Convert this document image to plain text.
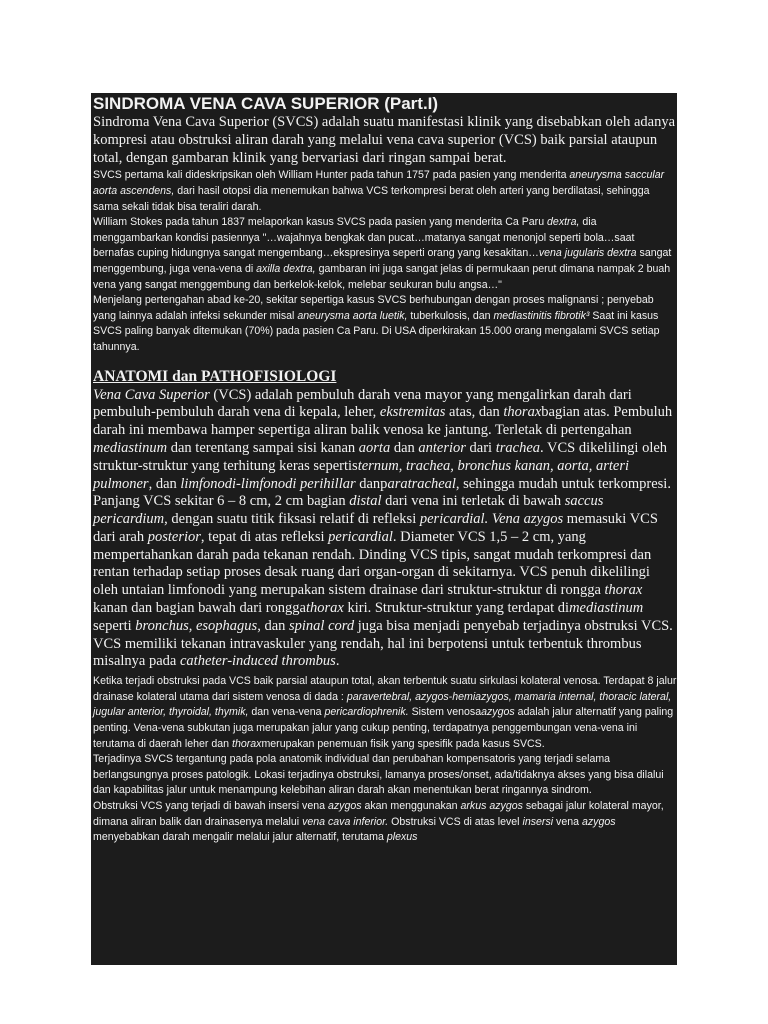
SINDROMA VENA CAVA SUPERIOR (Part.I)

Sindroma Vena Cava Superior (SVCS) adalah suatu manifestasi klinik yang disebabkan oleh adanya kompresi atau obstruksi aliran darah yang melalui vena cava superior (VCS) baik parsial ataupun total, dengan gambaran klinik yang bervariasi dari ringan sampai berat.

SVCS pertama kali dideskripsikan oleh William Hunter pada tahun 1757 pada pasien yang menderita aneurysma saccular aorta ascendens, dari hasil otopsi dia menemukan bahwa VCS terkompresi berat oleh arteri yang berdilatasi, sehingga sama sekali tidak bisa teraliri darah.

William Stokes pada tahun 1837 melaporkan kasus SVCS pada pasien yang menderita Ca Paru dextra, dia menggambarkan kondisi pasiennya "…wajahnya bengkak dan pucat…matanya sangat menonjol seperti bola…saat bernafas cuping hidungnya sangat mengembang…ekspresinya seperti orang yang kesakitan…vena jugularis dextra sangat menggembung, juga vena-vena di axilla dextra, gambaran ini juga sangat jelas di permukaan perut dimana nampak 2 buah vena yang sangat menggembung dan berkelok-kelok, melebar seukuran bulu angsa…"

Menjelang pertengahan abad ke-20, sekitar sepertiga kasus SVCS berhubungan dengan proses malignansi ; penyebab yang lainnya adalah infeksi sekunder misal aneurysma aorta luetik, tuberkulosis, dan mediastinitis fibrotik³ Saat ini kasus SVCS paling banyak ditemukan (70%) pada pasien Ca Paru. Di USA diperkirakan 15.000 orang mengalami SVCS setiap tahunnya.

ANATOMI dan PATHOFISIOLOGI

Vena Cava Superior (VCS) adalah pembuluh darah vena mayor yang mengalirkan darah dari pembuluh-pembuluh darah vena di kepala, leher, ekstremitas atas, dan thoraxbagian atas. Pembuluh darah ini membawa hamper sepertiga aliran balik venosa ke jantung. Terletak di pertengahan mediastinum dan terentang sampai sisi kanan aorta dan anterior dari trachea. VCS dikelilingi oleh struktur-struktur yang terhitung keras sepertisternum, trachea, bronchus kanan, aorta, arteri pulmoner, dan limfonodi-limfonodi perihillar danparatracheal, sehingga mudah untuk terkompresi. Panjang VCS sekitar 6 – 8 cm, 2 cm bagian distal dari vena ini terletak di bawah saccus pericardium, dengan suatu titik fiksasi relatif di refleksi pericardial. Vena azygos memasuki VCS dari arah posterior, tepat di atas refleksi pericardial. Diameter VCS 1,5 – 2 cm, yang mempertahankan darah pada tekanan rendah. Dinding VCS tipis, sangat mudah terkompresi dan rentan terhadap setiap proses desak ruang dari organ-organ di sekitarnya. VCS penuh dikelilingi oleh untaian limfonodi yang merupakan sistem drainase dari struktur-struktur di rongga thorax kanan dan bagian bawah dari ronggathorax kiri. Struktur-struktur yang terdapat dimediastinum seperti bronchus, esophagus, dan spinal cord juga bisa menjadi penyebab terjadinya obstruksi VCS. VCS memiliki tekanan intravaskuler yang rendah, hal ini berpotensi untuk terbentuk thrombus misalnya pada catheter-induced thrombus.

Ketika terjadi obstruksi pada VCS baik parsial ataupun total, akan terbentuk suatu sirkulasi kolateral venosa. Terdapat 8 jalur drainase kolateral utama dari sistem venosa di dada : paravertebral, azygos-hemiazygos, mamaria internal, thoracic lateral, jugular anterior, thyroidal, thymik, dan vena-vena pericardiophrenik. Sistem venosaazygos adalah jalur alternatif yang paling penting. Vena-vena subkutan juga merupakan jalur yang cukup penting, terdapatnya penggembungan vena-vena ini terutama di daerah leher dan thoraxmerupakan penemuan fisik yang spesifik pada kasus SVCS.

Terjadinya SVCS tergantung pada pola anatomik individual dan perubahan kompensatoris yang terjadi selama berlangsungnya proses patologik. Lokasi terjadinya obstruksi, lamanya proses/onset, ada/tidaknya akses yang bisa dilalui dan kapabilitas jalur untuk menampung kelebihan aliran darah akan menentukan berat ringannya sindrom.

Obstruksi VCS yang terjadi di bawah insersi vena azygos akan menggunakan arkus azygos sebagai jalur kolateral mayor, dimana aliran balik dan drainasenya melalui vena cava inferior. Obstruksi VCS di atas level insersi vena azygos menyebabkan darah mengalir melalui jalur alternatif, terutama plexus
